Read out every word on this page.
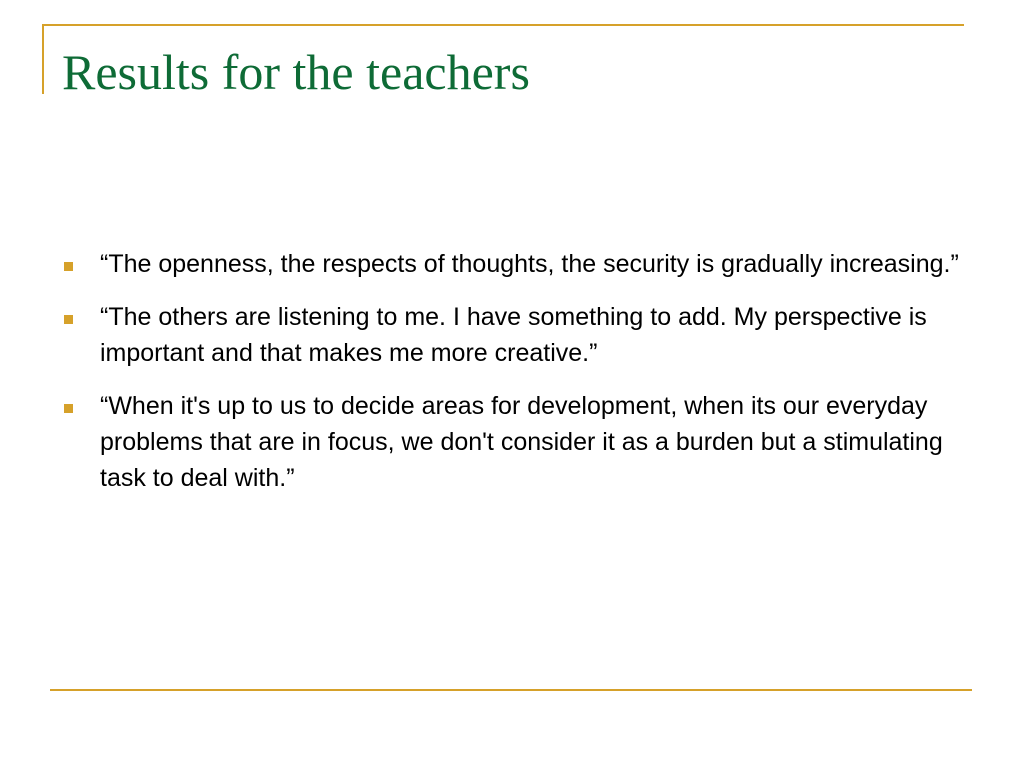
Results for the teachers
“The openness, the respects of thoughts, the security is gradually increasing.”
“The others are listening to me. I have something to add. My perspective is important and that makes me more creative.”
“When it's up to us to decide areas for development, when its our everyday problems that are in focus, we don't consider it as a burden but a stimulating task to deal with.”
